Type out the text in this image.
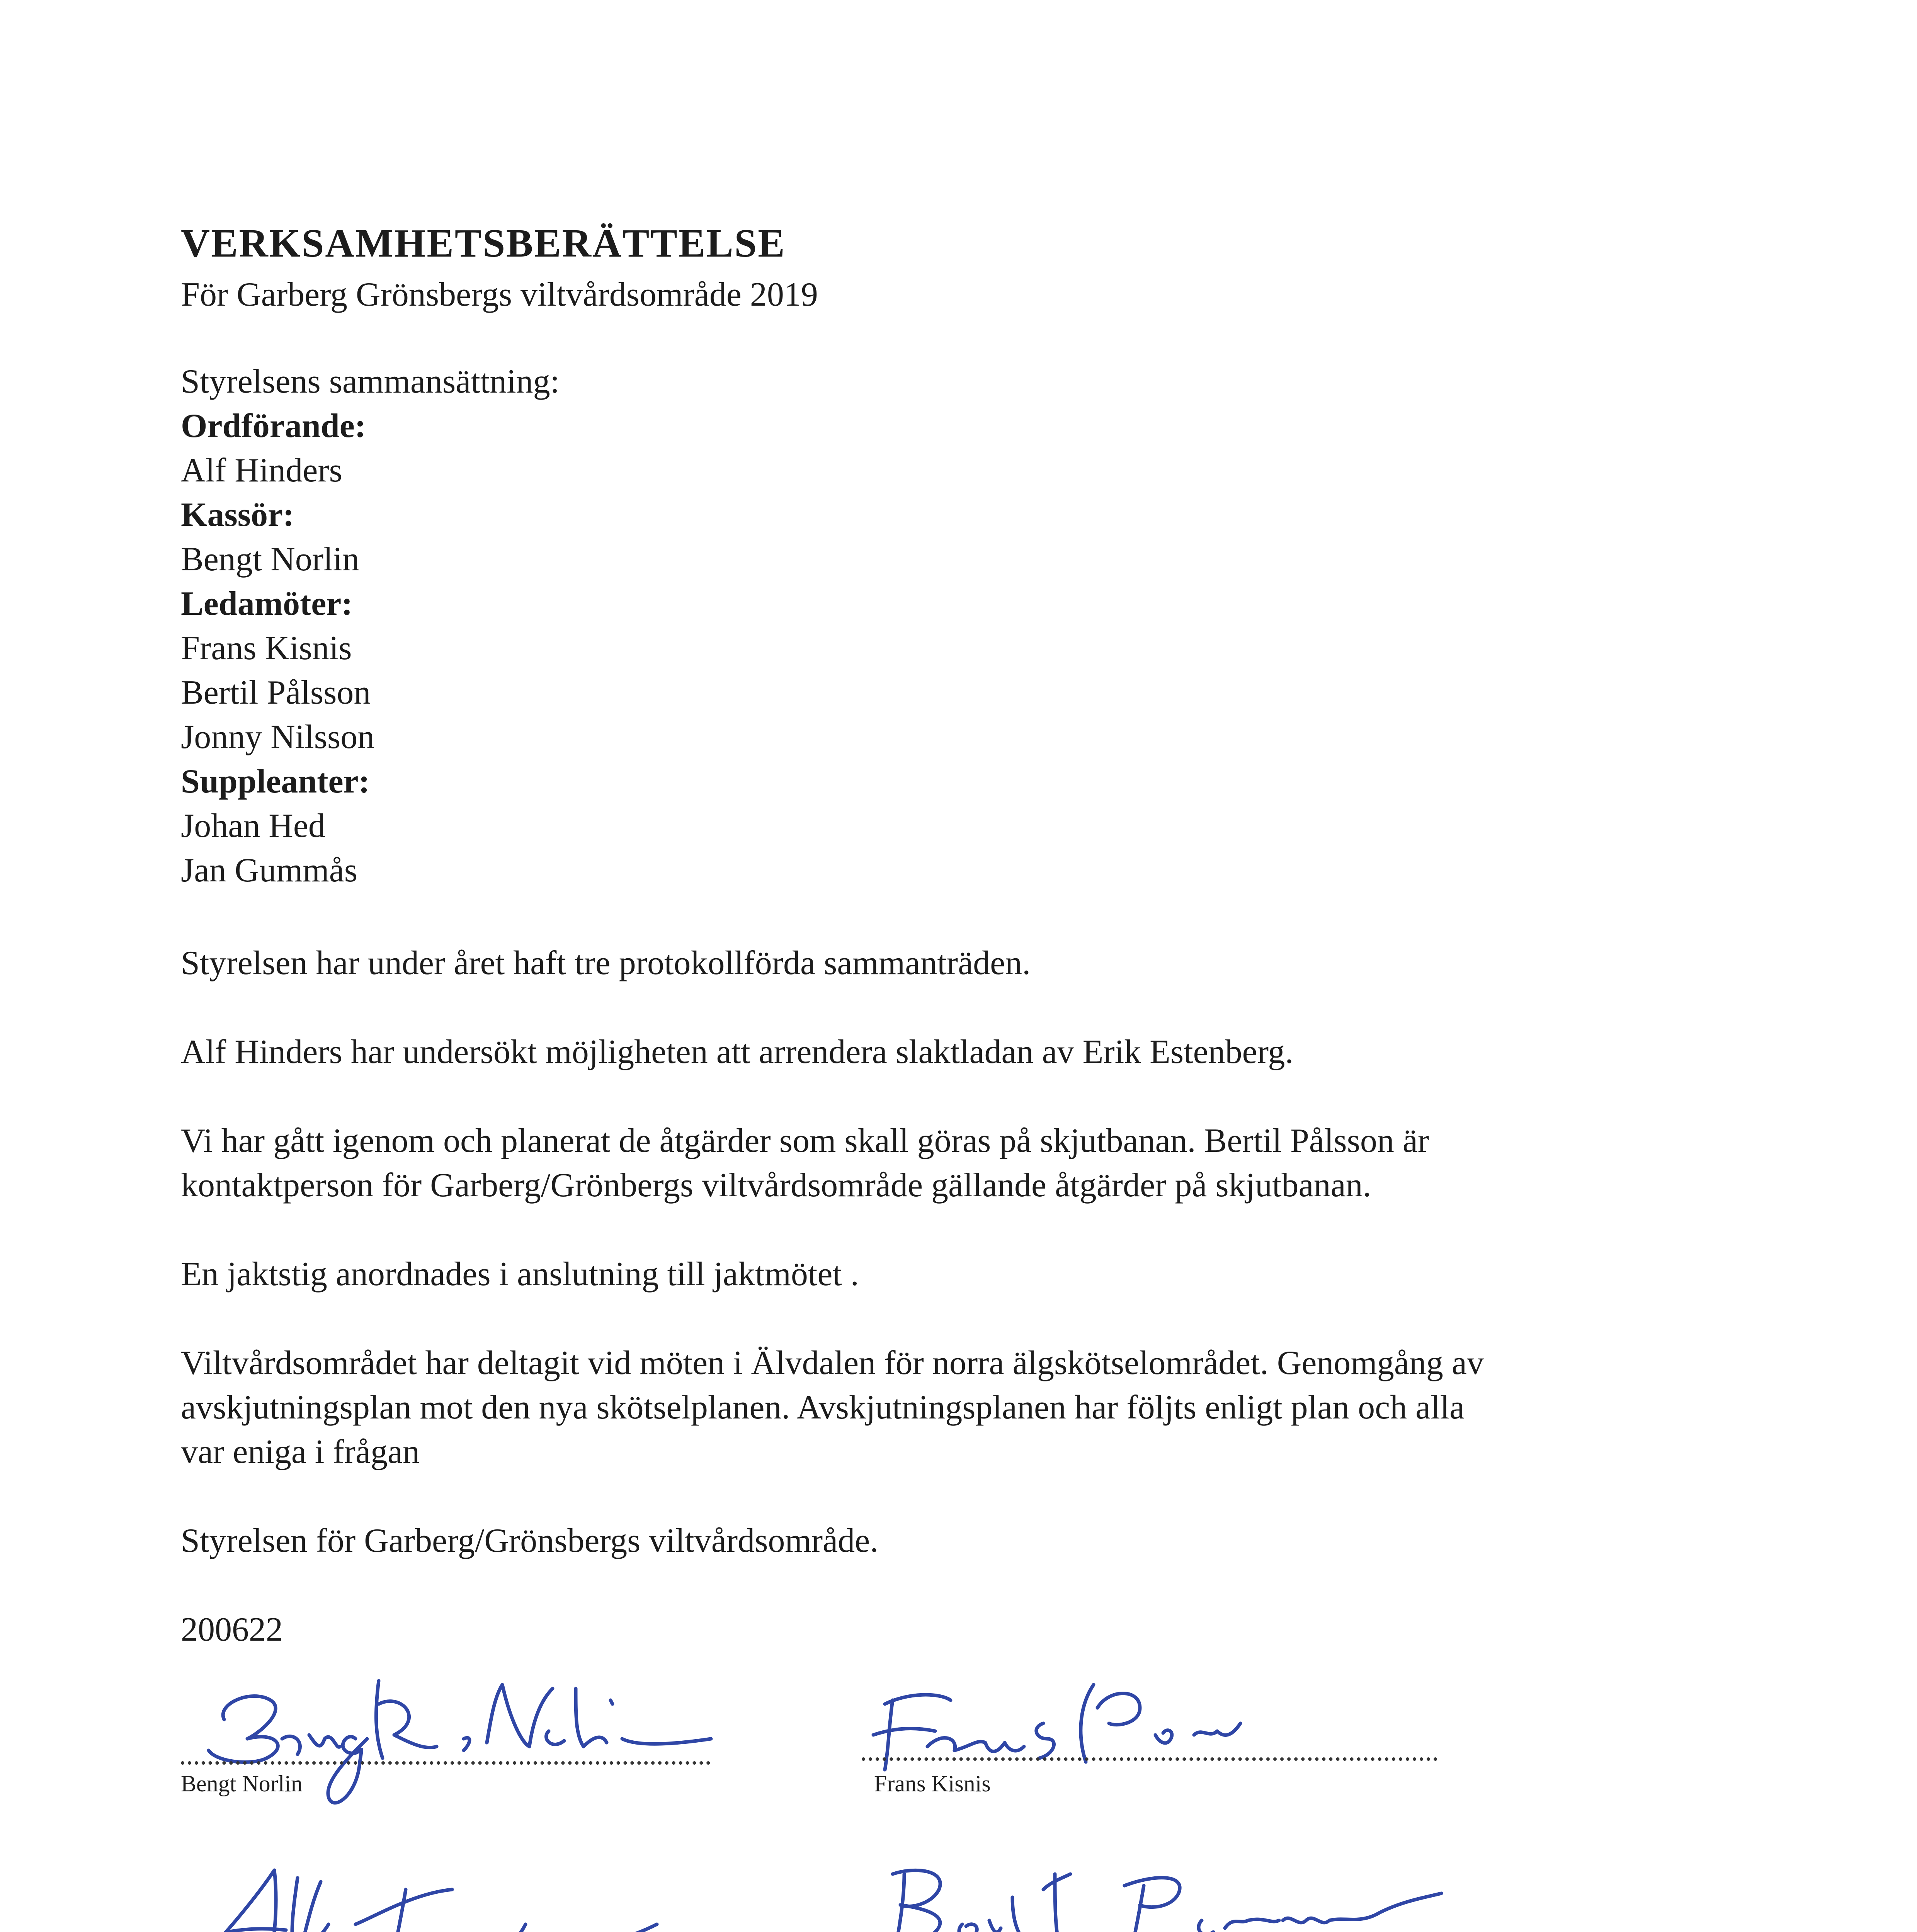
VERKSAMHETSBERÄTTELSE

För Garberg Grönsbergs viltvårdsområde 2019

Styrelsens sammansättning:

Ordförande:

Alf Hinders

Kassör:

Bengt Norlin

Ledamöter:

Frans Kisnis

Bertil Pålsson

Jonny Nilsson

Suppleanter:

Johan Hed

Jan Gummås

Styrelsen har under året haft tre protokollförda sammanträden.

Alf Hinders har undersökt möjligheten att arrendera slaktladan av Erik Estenberg.

Vi har gått igenom och planerat de åtgärder som skall göras på skjutbanan. Bertil Pålsson är

kontaktperson för Garberg/Grönbergs viltvårdsområde gällande åtgärder på skjutbanan.

En jaktstig anordnades i anslutning till jaktmötet .

Viltvårdsområdet har deltagit vid möten i Älvdalen för norra älgskötselområdet. Genomgång av

avskjutningsplan mot den nya skötselplanen. Avskjutningsplanen har följts enligt plan och alla

var eniga i frågan

Styrelsen för Garberg/Grönsbergs viltvårdsområde.

200622

Bengt Norlin	Frans Kisnis
